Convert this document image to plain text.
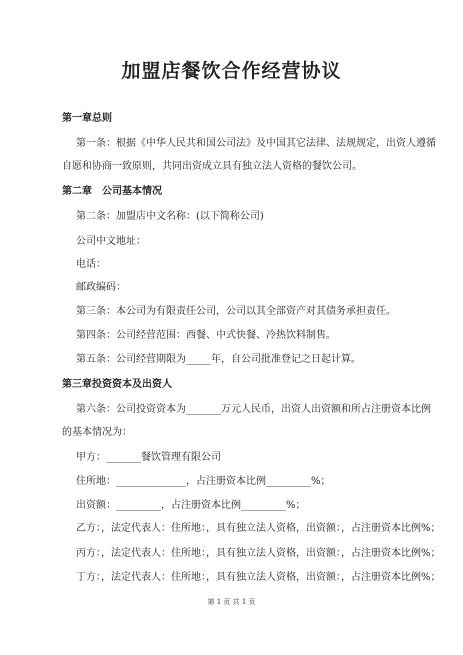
加盟店餐饮合作经营协议
第一章总则
第一条：根据《中华人民共和国公司法》及中国其它法律、法规规定，出资人遵循
自愿和协商一致原则，共同出资成立具有独立法人资格的餐饮公司。
第二章　公司基本情况
第二条：加盟店中文名称：(以下简称公司)
公司中文地址：
电话：
邮政编码：
第三条：本公司为有限责任公司，公司以其全部资产对其债务承担责任。
第四条：公司经营范围：西餐、中式快餐、冷热饮料制售。
第五条：公司经营期限为_____年，自公司批准登记之日起计算。
第三章投资资本及出资人
第六条：公司投资资本为_______万元人民币，出资人出资额和所占注册资本比例
的基本情况为：
甲方：_______餐饮管理有限公司
住所地：______________，占注册资本比例_________%；
出资额：_________，占注册资本比例_________%；
乙方：，法定代表人：住所地：，具有独立法人资格，出资额：，占注册资本比例%；
丙方：，法定代表人：住所地：，具有独立法人资格，出资额：，占注册资本比例%；
丁方：，法定代表人：住所地：，具有独立法人资格，出资额：，占注册资本比例%；
第 1 页 共 1 页
